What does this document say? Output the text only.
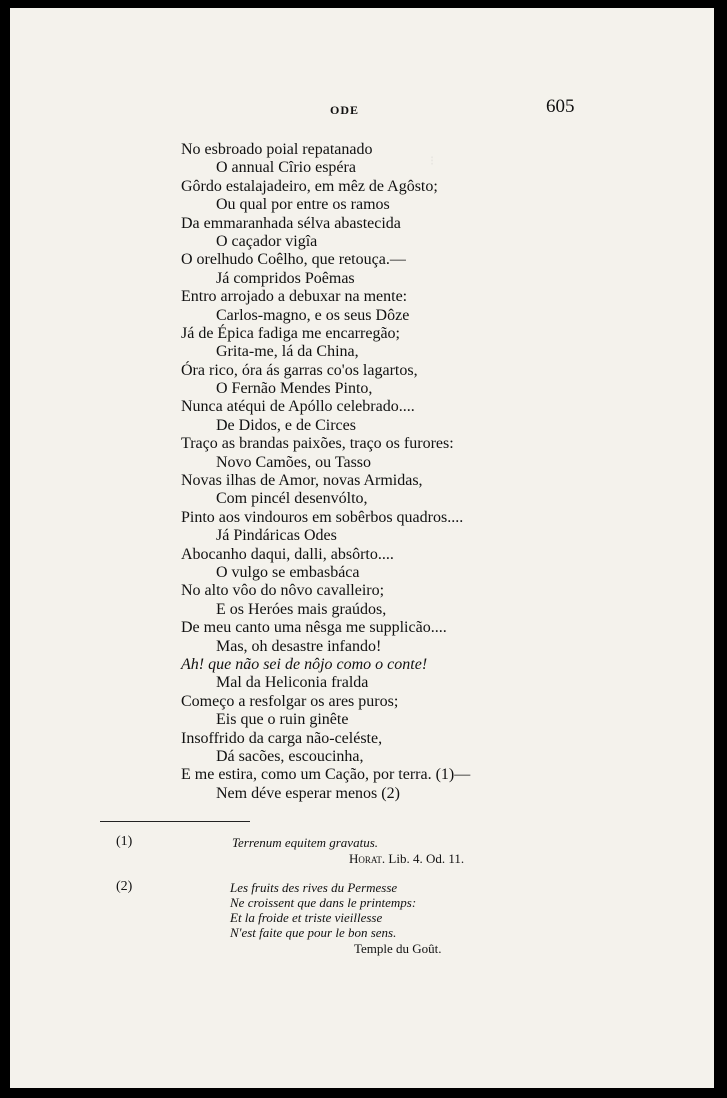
⁝
ODE	605
No esbroado poial repatanado
O annual Cîrio espéra
Gôrdo estalajadeiro, em mêz de Agôsto;
Ou qual por entre os ramos
Da emmaranhada sélva abastecida
O caçador vigîa
O orelhudo Coêlho, que retouça.—
Já compridos Poêmas
Entro arrojado a debuxar na mente:
Carlos-magno, e os seus Dôze
Já de Épica fadiga me encarregão;
Grita-me, lá da China,
Óra rico, óra ás garras co'os lagartos,
O Fernão Mendes Pinto,
Nunca atéqui de Apóllo celebrado....
De Didos, e de Circes
Traço as brandas paixões, traço os furores:
Novo Camões, ou Tasso
Novas ilhas de Amor, novas Armidas,
Com pincél desenvólto,
Pinto aos vindouros em sobêrbos quadros....
Já Pindáricas Odes
Abocanho daqui, dalli, absôrto....
O vulgo se embasbáca
No alto vôo do nôvo cavalleiro;
E os Heróes mais graúdos,
De meu canto uma nêsga me supplicão....
Mas, oh desastre infando!
Ah! que não sei de nôjo como o conte!
Mal da Heliconia fralda
Começo a resfolgar os ares puros;
Eis que o ruin ginête
Insoffrido da carga não-celéste,
Dá sacões, escoucinha,
E me estira, como um Cação, por terra. (1)—
Nem déve esperar menos (2)
(1)	Terrenum equitem gravatus.
Horat. Lib. 4. Od. 11.
(2)	Les fruits des rives du Permesse
Ne croissent que dans le printemps:
Et la froide et triste vieillesse
N'est faite que pour le bon sens.
Temple du Goût.
